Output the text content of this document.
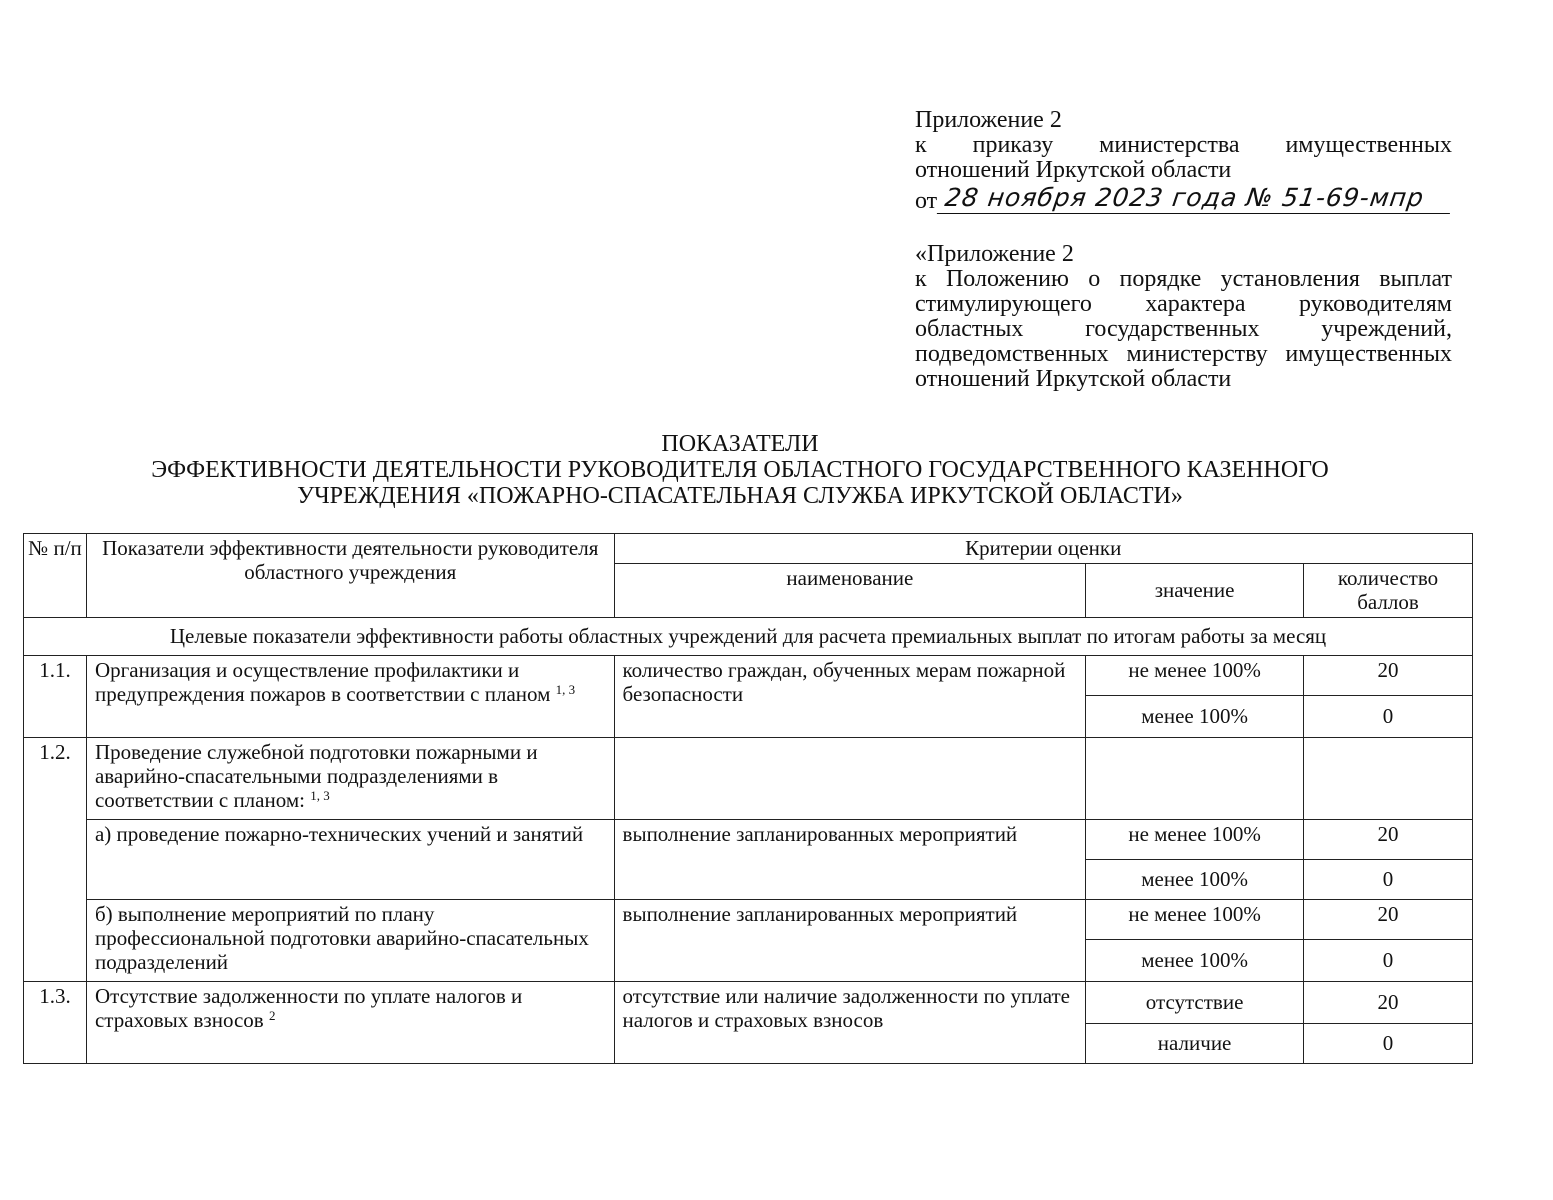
Приложение 2

к приказу министерства имущественных

отношений Иркутской области

от 28 ноября 2023 года № 51-69-мпр

«Приложение 2

к Положению о порядке установления выплат стимулирующего характера руководителям областных государственных учреждений, подведомственных министерству имущественных отношений Иркутской области

ПОКАЗАТЕЛИ
ЭФФЕКТИВНОСТИ ДЕЯТЕЛЬНОСТИ РУКОВОДИТЕЛЯ ОБЛАСТНОГО ГОСУДАРСТВЕННОГО КАЗЕННОГО
УЧРЕЖДЕНИЯ «ПОЖАРНО-СПАСАТЕЛЬНАЯ СЛУЖБА ИРКУТСКОЙ ОБЛАСТИ»
№ п/п	Показатели эффективности деятельности руководителя областного учреждения	Критерии оценки		
		наименование	значение	количество баллов
Целевые показатели эффективности работы областных учреждений для расчета премиальных выплат по итогам работы за месяц				
1.1.	Организация и осуществление профилактики и предупреждения пожаров в соответствии с планом $^{1, 3}$	количество граждан, обученных мерам пожарной безопасности	не менее 100%	20
			менее 100%	0
1.2.	Проведение служебной подготовки пожарными и аварийно-спасательными подразделениями в соответствии с планом: $^{1, 3}$			
	а) проведение пожарно-технических учений и занятий	выполнение запланированных мероприятий	не менее 100%	20
			менее 100%	0
	б) выполнение мероприятий по плану профессиональной подготовки аварийно-спасательных подразделений	выполнение запланированных мероприятий	не менее 100%	20
			менее 100%	0
1.3.	Отсутствие задолженности по уплате налогов и страховых взносов $^2$	отсутствие или наличие задолженности по уплате налогов и страховых взносов	отсутствие	20
			наличие	0
